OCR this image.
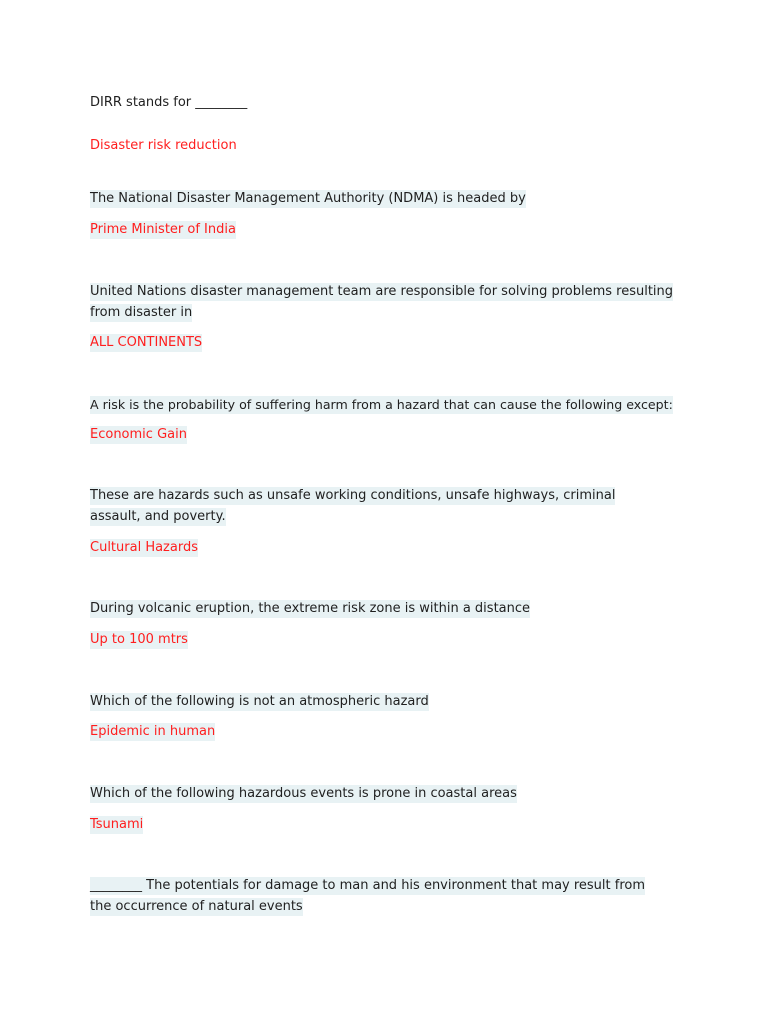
DIRR stands for ________
Disaster risk reduction
The National Disaster Management Authority (NDMA) is headed by
Prime Minister of India
United Nations disaster management team are responsible for solving problems resulting from disaster in
ALL CONTINENTS
A risk is the probability of suffering harm from a hazard that can cause the following except:
Economic Gain
These are hazards such as unsafe working conditions, unsafe highways, criminal assault, and poverty.
Cultural Hazards
During volcanic eruption, the extreme risk zone is within a distance
Up to 100 mtrs
Which of the following is not an atmospheric hazard
Epidemic in human
Which of the following hazardous events is prone in coastal areas
Tsunami
________ The potentials for damage to man and his environment that may result from the occurrence of natural events
